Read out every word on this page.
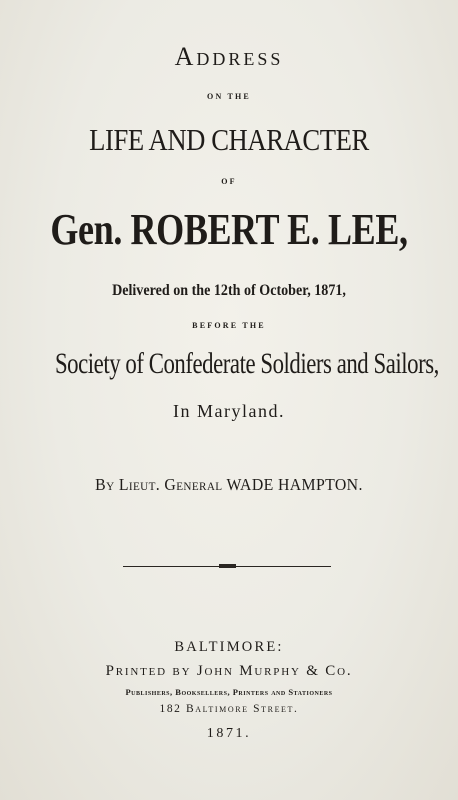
Address
ON THE
LIFE AND CHARACTER
OF
Gen. ROBERT E. LEE,
Delivered on the 12th of October, 1871,
BEFORE THE
Society of Confederate Soldiers and Sailors,
In Maryland.
By Lieut. General WADE HAMPTON.
BALTIMORE:
Printed by John Murphy & Co.
Publishers, Booksellers, Printers and Stationers
182 Baltimore Street.
1871.
